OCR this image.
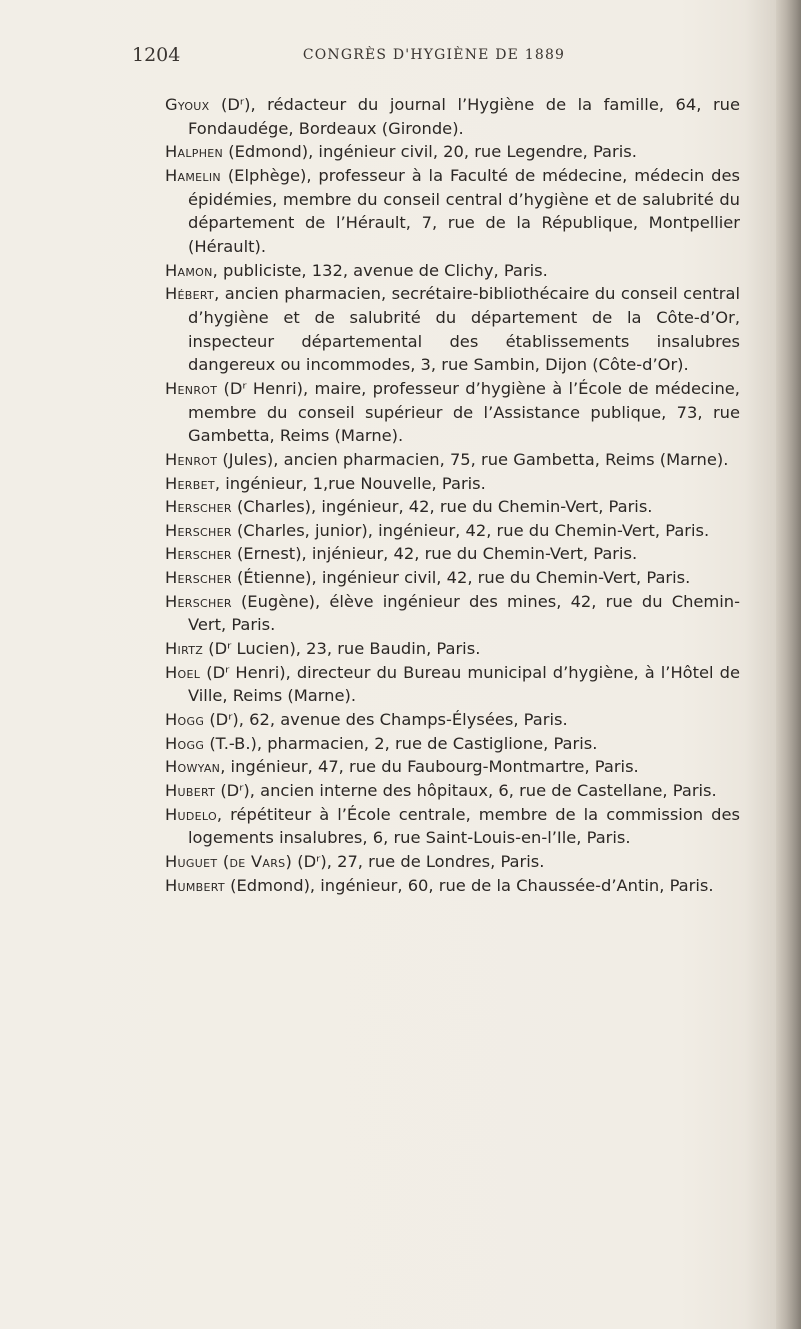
1204	CONGRÈS D'HYGIÈNE DE 1889

Gyoux (Dʳ), rédacteur du journal l’Hygiène de la famille, 64, rue Fondaudége, Bordeaux (Gironde).

Halphen (Edmond), ingénieur civil, 20, rue Legendre, Paris.

Hamelin (Elphège), professeur à la Faculté de médecine, médecin des épidémies, membre du conseil central d’hygiène et de salubrité du département de l’Hérault, 7, rue de la République, Montpellier (Hérault).

Hamon, publiciste, 132, avenue de Clichy, Paris.

Hébert, ancien pharmacien, secrétaire-bibliothécaire du conseil central d’hygiène et de salubrité du département de la Côte-d’Or, inspecteur départemental des établissements insalubres dangereux ou incommodes, 3, rue Sambin, Dijon (Côte-d’Or).

Henrot (Dʳ Henri), maire, professeur d’hygiène à l’École de médecine, membre du conseil supérieur de l’Assistance publique, 73, rue Gambetta, Reims (Marne).

Henrot (Jules), ancien pharmacien, 75, rue Gambetta, Reims (Marne).

Herbet, ingénieur, 1,rue Nouvelle, Paris.

Herscher (Charles), ingénieur, 42, rue du Chemin-Vert, Paris.

Herscher (Charles, junior), ingénieur, 42, rue du Chemin-Vert, Paris.

Herscher (Ernest), injénieur, 42, rue du Chemin-Vert, Paris.

Herscher (Étienne), ingénieur civil, 42, rue du Chemin-Vert, Paris.

Herscher (Eugène), élève ingénieur des mines, 42, rue du Chemin-Vert, Paris.

Hirtz (Dʳ Lucien), 23, rue Baudin, Paris.

Hoel (Dʳ Henri), directeur du Bureau municipal d’hygiène, à l’Hôtel de Ville, Reims (Marne).

Hogg (Dʳ), 62, avenue des Champs-Élysées, Paris.

Hogg (T.-B.), pharmacien, 2, rue de Castiglione, Paris.

Howyan, ingénieur, 47, rue du Faubourg-Montmartre, Paris.

Hubert (Dʳ), ancien interne des hôpitaux, 6, rue de Castellane, Paris.

Hudelo, répétiteur à l’École centrale, membre de la commission des logements insalubres, 6, rue Saint-Louis-en-l’Ile, Paris.

Huguet (de Vars) (Dʳ), 27, rue de Londres, Paris.

Humbert (Edmond), ingénieur, 60, rue de la Chaussée-d’Antin, Paris.
